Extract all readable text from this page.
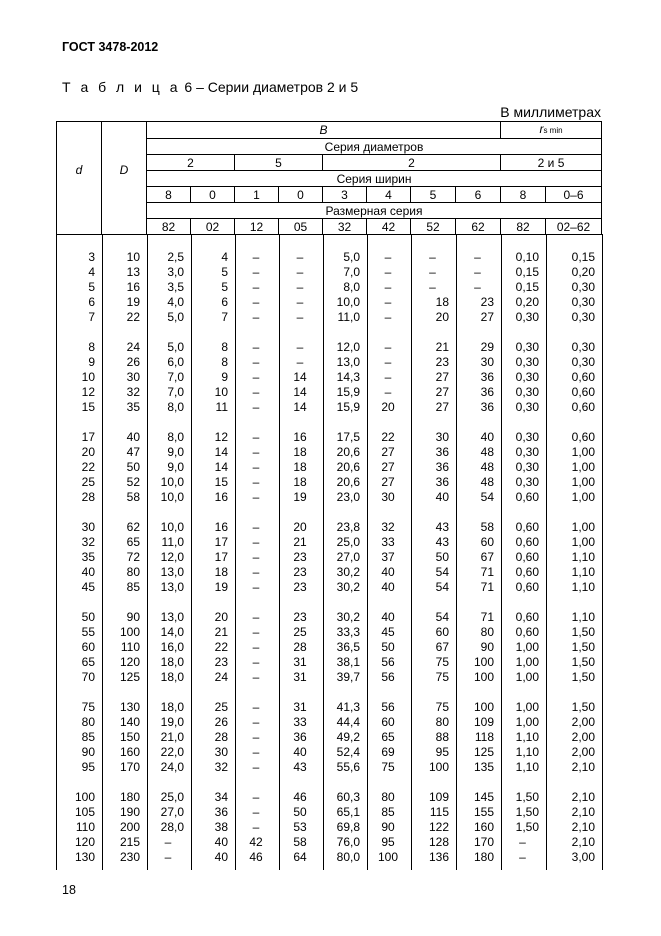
ГОСТ 3478-2012
Т а б л и ц а 6 – Серии диаметров 2 и 5
В миллиметрах
d	D	B								rs min	
		Серия диаметров									
		2		5		2				2 и 5	
		Серия ширин									
		8	0	1	0	3	4	5	6	8	0–6
		Размерная серия									
		82	02	12	05	32	42	52	62	82	02–62
3	10	2,5	4	–	–	5,0	–	–	–	0,10	0,15
4	13	3,0	5	–	–	7,0	–	–	–	0,15	0,20
5	16	3,5	5	–	–	8,0	–	–	–	0,15	0,30
6	19	4,0	6	–	–	10,0	–	18	23	0,20	0,30
7	22	5,0	7	–	–	11,0	–	20	27	0,30	0,30

8	24	5,0	8	–	–	12,0	–	21	29	0,30	0,30
9	26	6,0	8	–	–	13,0	–	23	30	0,30	0,30
10	30	7,0	9	–	14	14,3	–	27	36	0,30	0,60
12	32	7,0	10	–	14	15,9	–	27	36	0,30	0,60
15	35	8,0	11	–	14	15,9	20	27	36	0,30	0,60

17	40	8,0	12	–	16	17,5	22	30	40	0,30	0,60
20	47	9,0	14	–	18	20,6	27	36	48	0,30	1,00
22	50	9,0	14	–	18	20,6	27	36	48	0,30	1,00
25	52	10,0	15	–	18	20,6	27	36	48	0,30	1,00
28	58	10,0	16	–	19	23,0	30	40	54	0,60	1,00

30	62	10,0	16	–	20	23,8	32	43	58	0,60	1,00
32	65	11,0	17	–	21	25,0	33	43	60	0,60	1,00
35	72	12,0	17	–	23	27,0	37	50	67	0,60	1,10
40	80	13,0	18	–	23	30,2	40	54	71	0,60	1,10
45	85	13,0	19	–	23	30,2	40	54	71	0,60	1,10

50	90	13,0	20	–	23	30,2	40	54	71	0,60	1,10
55	100	14,0	21	–	25	33,3	45	60	80	0,60	1,50
60	110	16,0	22	–	28	36,5	50	67	90	1,00	1,50
65	120	18,0	23	–	31	38,1	56	75	100	1,00	1,50
70	125	18,0	24	–	31	39,7	56	75	100	1,00	1,50

75	130	18,0	25	–	31	41,3	56	75	100	1,00	1,50
80	140	19,0	26	–	33	44,4	60	80	109	1,00	2,00
85	150	21,0	28	–	36	49,2	65	88	118	1,10	2,00
90	160	22,0	30	–	40	52,4	69	95	125	1,10	2,00
95	170	24,0	32	–	43	55,6	75	100	135	1,10	2,10

100	180	25,0	34	–	46	60,3	80	109	145	1,50	2,10
105	190	27,0	36	–	50	65,1	85	115	155	1,50	2,10
110	200	28,0	38	–	53	69,8	90	122	160	1,50	2,10
120	215	–	40	42	58	76,0	95	128	170	–	2,10
130	230	–	40	46	64	80,0	100	136	180	–	3,00
18
